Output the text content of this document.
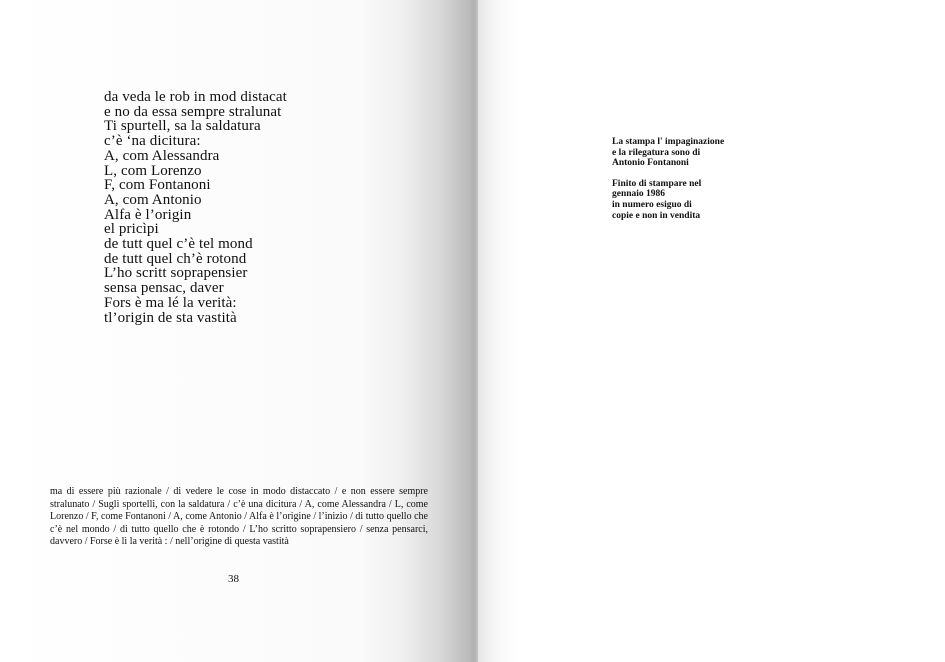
da veda le rob in mod distacat
e no da essa sempre stralunat
Ti spurtell, sa la saldatura
c’è ‘na dicitura:
A, com Alessandra
L, com Lorenzo
F, com Fontanoni
A, com Antonio
Alfa è l’origin
el pricìpi
de tutt quel c’è tel mond
de tutt quel ch’è rotond
L’ho scritt soprapensier
sensa pensac, daver
Fors è ma lé la verità:
tl’origin de sta vastità

ma di essere più razionale / di vedere le cose in modo distaccato / e non essere sempre stralunato / Sugli sportelli, con la saldatura / c’è una dicitura / A, come Alessandra / L, come Lorenzo / F, come Fontanoni / A, come Antonio / Alfa è l’origine / l’inizio / di tutto quello che c’è nel mondo / di tutto quello che è rotondo / L’ho scritto soprapensiero / senza pensarci, davvero / Forse è lì la verità : / nell’origine di questa vastità

38

La stampa l' impaginazione
e la rilegatura sono di
Antonio Fontanoni

Finito di stampare nel
gennaio 1986
in numero esiguo di
copie e non in vendita
